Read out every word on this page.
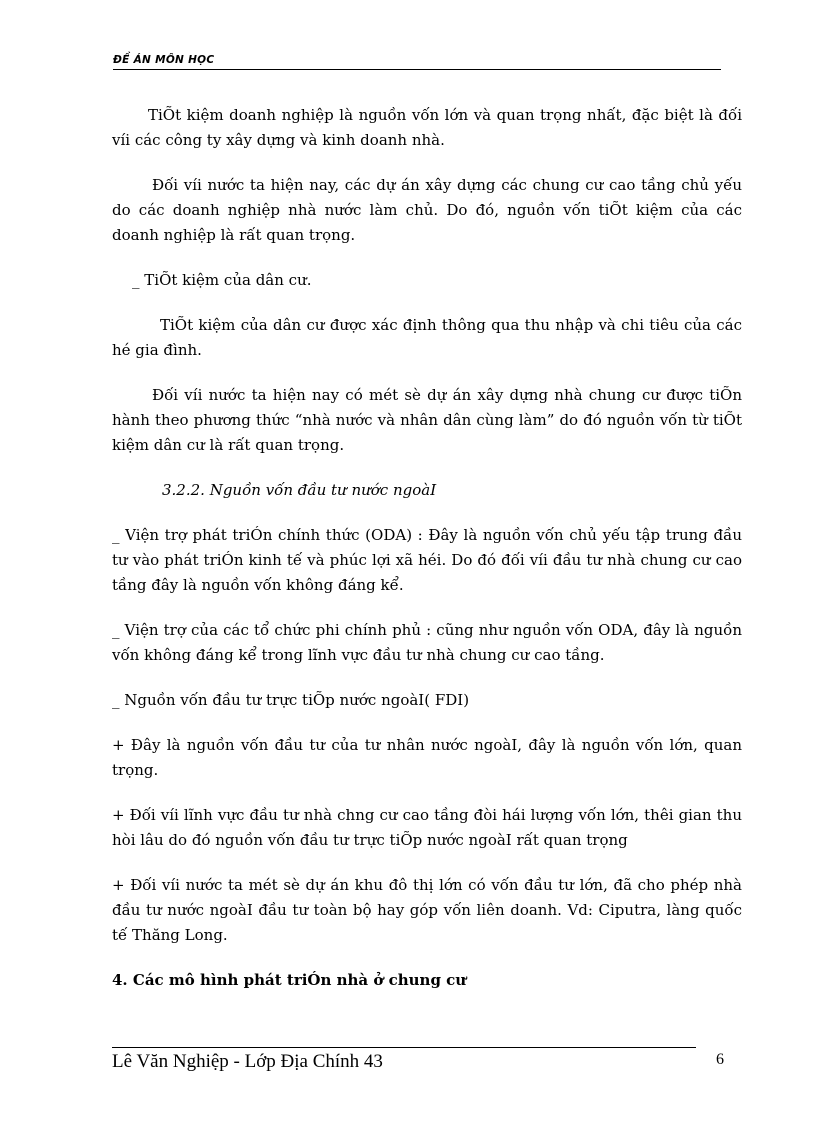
ĐỀ ÁN MÔN HỌC

TiÕt kiệm doanh nghiệp là nguồn vốn lớn và quan trọng nhất, đặc biệt là đối víi các công ty xây dựng và kinh doanh nhà.

Đối víi nước ta hiện nay, các dự án xây dựng các chung cư cao tầng chủ yếu do các doanh nghiệp nhà nước làm chủ. Do đó, nguồn vốn tiÕt kiệm của các doanh nghiệp là rất quan trọng.

_ TiÕt kiệm của dân cư.

TiÕt kiệm của dân cư được xác định thông qua thu nhập và chi tiêu của các hé gia đình.

Đối víi nước ta hiện nay có mét sè dự án xây dựng nhà chung cư được tiÕn hành theo phương thức “nhà nước và nhân dân cùng làm” do đó nguồn vốn từ tiÕt kiệm dân cư là rất quan trọng.

3.2.2. Nguồn vốn đầu tư nước ngoàI

_ Viện trợ phát triÓn chính thức (ODA) : Đây là nguồn vốn chủ yếu tập trung đầu tư vào phát triÓn kinh tế và phúc lợi xã héi. Do đó đối víi đầu tư nhà chung cư cao tầng đây là nguồn vốn không đáng kể.

_ Viện trợ của các tổ chức phi chính phủ : cũng như nguồn vốn ODA, đây là nguồn vốn không đáng kể trong lĩnh vực đầu tư nhà chung cư cao tầng.

_ Nguồn vốn đầu tư trực tiÕp nước ngoàI( FDI)

+ Đây là nguồn vốn đầu tư của tư nhân nước ngoàI, đây là nguồn vốn lớn, quan trọng.

+ Đối víi lĩnh vực đầu tư nhà chng cư cao tầng đòi hái lượng vốn lớn, thêi gian thu hòi lâu do đó nguồn vốn đầu tư trực tiÕp nước ngoàI rất quan trọng

+ Đối víi nước ta mét sè dự án khu đô thị lớn có vốn đầu tư lớn, đã cho phép nhà đầu tư nước ngoàI đầu tư toàn bộ hay góp vốn liên doanh. Vd: Ciputra, làng quốc tế Thăng Long.

4. Các mô hình phát triÓn nhà ở chung cư

Lê Văn Nghiệp - Lớp Địa Chính 43	6
